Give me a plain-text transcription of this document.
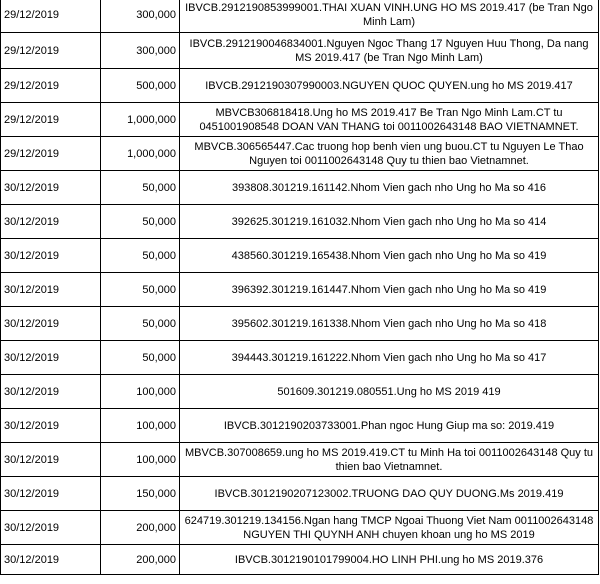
29/12/2019	300,000	IBVCB.2912190853999001.THAI XUAN VINH.UNG HO MS 2019.417 (be Tran Ngo Minh Lam)
29/12/2019	300,000	IBVCB.2912190046834001.Nguyen Ngoc Thang 17 Nguyen Huu Thong, Da nang MS 2019.417 (be Tran Ngo Minh Lam)
29/12/2019	500,000	IBVCB.2912190307990003.NGUYEN QUOC QUYEN.ung ho MS 2019.417
29/12/2019	1,000,000	MBVCB306818418.Ung ho MS 2019.417 Be Tran Ngo Minh Lam.CT tu 0451001908548 DOAN VAN THANG toi 0011002643148 BAO VIETNAMNET.
29/12/2019	1,000,000	MBVCB.306565447.Cac truong hop benh vien ung buou.CT tu Nguyen Le Thao Nguyen toi 0011002643148 Quy tu thien bao Vietnamnet.
30/12/2019	50,000	393808.301219.161142.Nhom Vien gach nho Ung ho Ma so 416
30/12/2019	50,000	392625.301219.161032.Nhom Vien gach nho Ung ho Ma so 414
30/12/2019	50,000	438560.301219.165438.Nhom Vien gach nho Ung ho Ma so 419
30/12/2019	50,000	396392.301219.161447.Nhom Vien gach nho Ung ho Ma so 419
30/12/2019	50,000	395602.301219.161338.Nhom Vien gach nho Ung ho Ma so 418
30/12/2019	50,000	394443.301219.161222.Nhom Vien gach nho Ung ho Ma so 417
30/12/2019	100,000	501609.301219.080551.Ung ho MS 2019 419
30/12/2019	100,000	IBVCB.3012190203733001.Phan ngoc Hung Giup ma so: 2019.419
30/12/2019	100,000	MBVCB.307008659.ung ho MS 2019.419.CT tu Minh Ha toi 0011002643148 Quy tu thien bao Vietnamnet.
30/12/2019	150,000	IBVCB.3012190207123002.TRUONG DAO QUY DUONG.Ms 2019.419
30/12/2019	200,000	624719.301219.134156.Ngan hang TMCP Ngoai Thuong Viet Nam 0011002643148 NGUYEN THI QUYNH ANH chuyen khoan ung ho MS 2019
30/12/2019	200,000	IBVCB.3012190101799004.HO LINH PHI.ung ho MS 2019.376
